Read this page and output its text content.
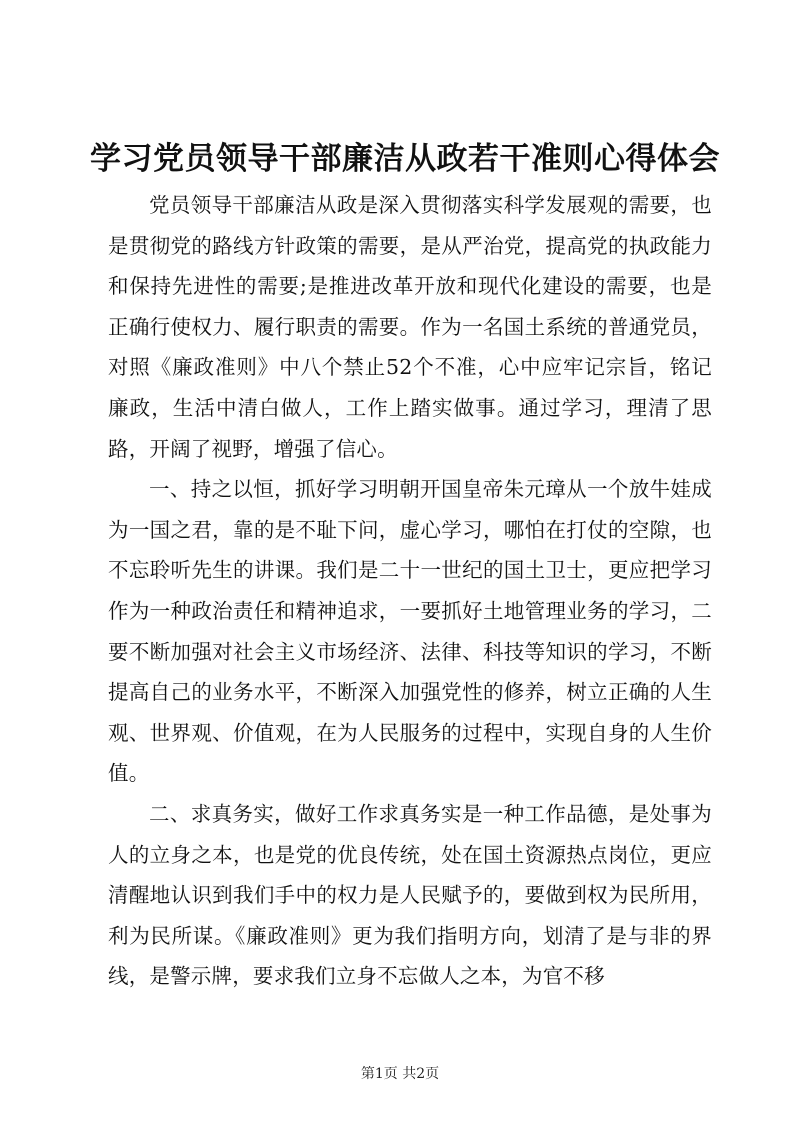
学习党员领导干部廉洁从政若干准则心得体会

党员领导干部廉洁从政是深入贯彻落实科学发展观的需要，也是贯彻党的路线方针政策的需要，是从严治党，提高党的执政能力和保持先进性的需要;是推进改革开放和现代化建设的需要，也是正确行使权力、履行职责的需要。作为一名国土系统的普通党员，对照《廉政准则》中八个禁止52个不准，心中应牢记宗旨，铭记廉政，生活中清白做人，工作上踏实做事。通过学习，理清了思路，开阔了视野，增强了信心。

一、持之以恒，抓好学习明朝开国皇帝朱元璋从一个放牛娃成为一国之君，靠的是不耻下问，虚心学习，哪怕在打仗的空隙，也不忘聆听先生的讲课。我们是二十一世纪的国土卫士，更应把学习作为一种政治责任和精神追求，一要抓好土地管理业务的学习，二要不断加强对社会主义市场经济、法律、科技等知识的学习，不断提高自己的业务水平，不断深入加强党性的修养，树立正确的人生观、世界观、价值观，在为人民服务的过程中，实现自身的人生价值。

二、求真务实，做好工作求真务实是一种工作品德，是处事为人的立身之本，也是党的优良传统，处在国土资源热点岗位，更应清醒地认识到我们手中的权力是人民赋予的，要做到权为民所用，利为民所谋。《廉政准则》更为我们指明方向，划清了是与非的界线，是警示牌，要求我们立身不忘做人之本，为官不移

第1页 共2页
